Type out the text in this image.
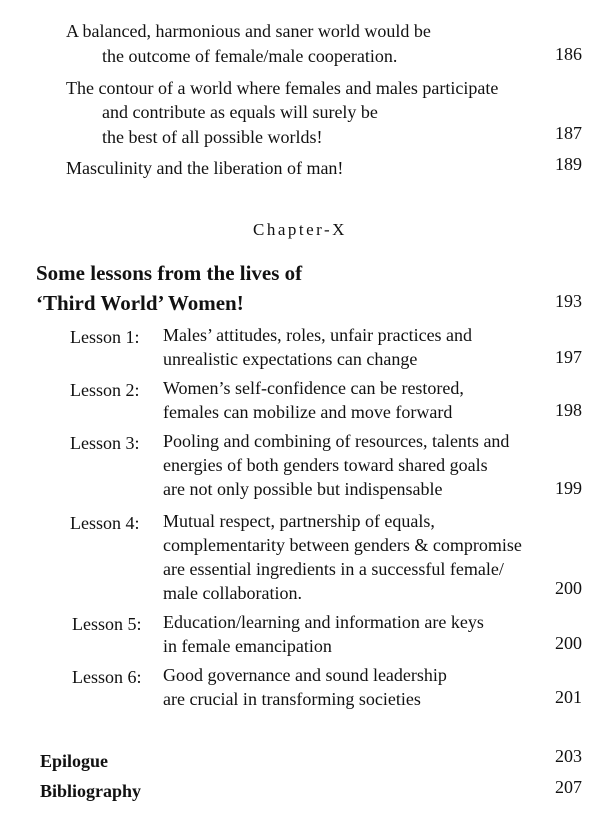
A balanced, harmonious and saner world would be
the outcome of female/male cooperation.	186
The contour of a world where females and males participate
and contribute as equals will surely be
the best of all possible worlds!	187
Masculinity and the liberation of man!	189
Chapter-X
Some lessons from the lives of
‘Third World’ Women!	193
Lesson 1: Males’ attitudes, roles, unfair practices and
unrealistic expectations can change	197
Lesson 2: Women’s self-confidence can be restored,
females can mobilize and move forward	198
Lesson 3: Pooling and combining of resources, talents and
energies of both genders toward shared goals
are not only possible but indispensable	199
Lesson 4: Mutual respect, partnership of equals,
complementarity between genders & compromise
are essential ingredients in a successful female/
male collaboration.	200
Lesson 5: Education/learning and information are keys
in female emancipation	200
Lesson 6: Good governance and sound leadership
are crucial in transforming societies	201
Epilogue	203
Bibliography	207
